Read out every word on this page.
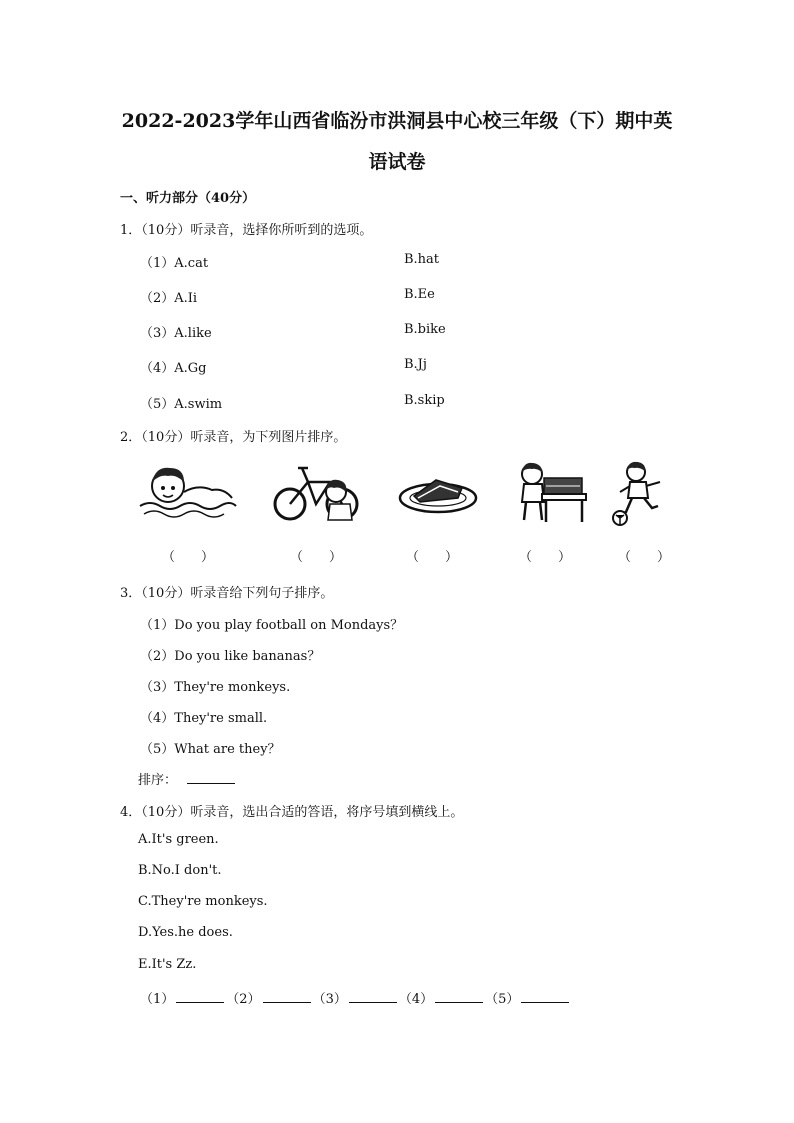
2022-2023学年山西省临汾市洪洞县中心校三年级（下）期中英
语试卷
一、听力部分（40分）
1．（10分）听录音，选择你所听到的选项。
（1）A.cat	B.hat
（2）A.Ii	B.Ee
（3）A.like	B.bike
（4）A.Gg	B.Jj
（5）A.swim	B.skip
2．（10分）听录音，为下列图片排序。
（　　）	（　　）	（　　）	（　　）	（　　）
3．（10分）听录音给下列句子排序。
（1）Do you play football on Mondays？
（2）Do you like bananas？
（3）They're monkeys.
（4）They're small.
（5）What are they？
排序：
4．（10分）听录音，选出合适的答语，将序号填到横线上。
A.It's green.
B.No.I don't.
C.They're monkeys.
D.Yes.he does.
E.It's Zz.
（1）	（2）	（3）	（4）	（5）
